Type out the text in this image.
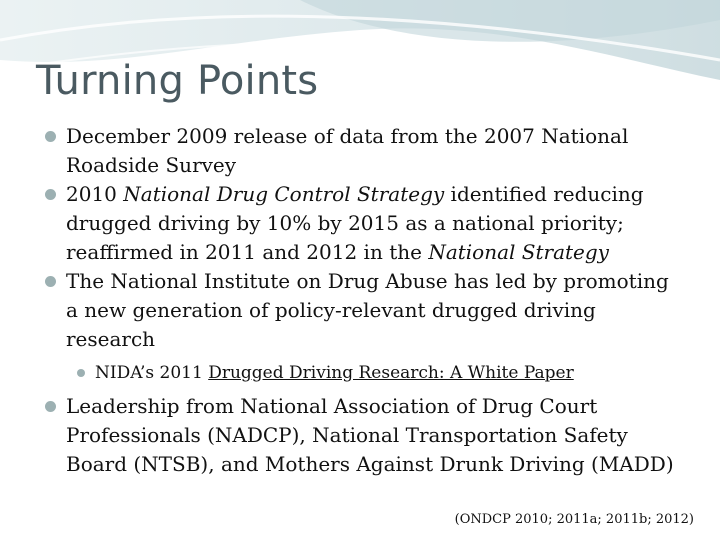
Turning Points
December 2009 release of data from the 2007 National Roadside Survey
2010 National Drug Control Strategy identified reducing drugged driving by 10% by 2015 as a national priority; reaffirmed in 2011 and 2012 in the National Strategy
The National Institute on Drug Abuse has led by promoting a new generation of policy-relevant drugged driving research
NIDA’s 2011 Drugged Driving Research: A White Paper
Leadership from National Association of Drug Court Professionals (NADCP), National Transportation Safety Board (NTSB), and Mothers Against Drunk Driving (MADD)
(ONDCP 2010; 2011a; 2011b; 2012)
